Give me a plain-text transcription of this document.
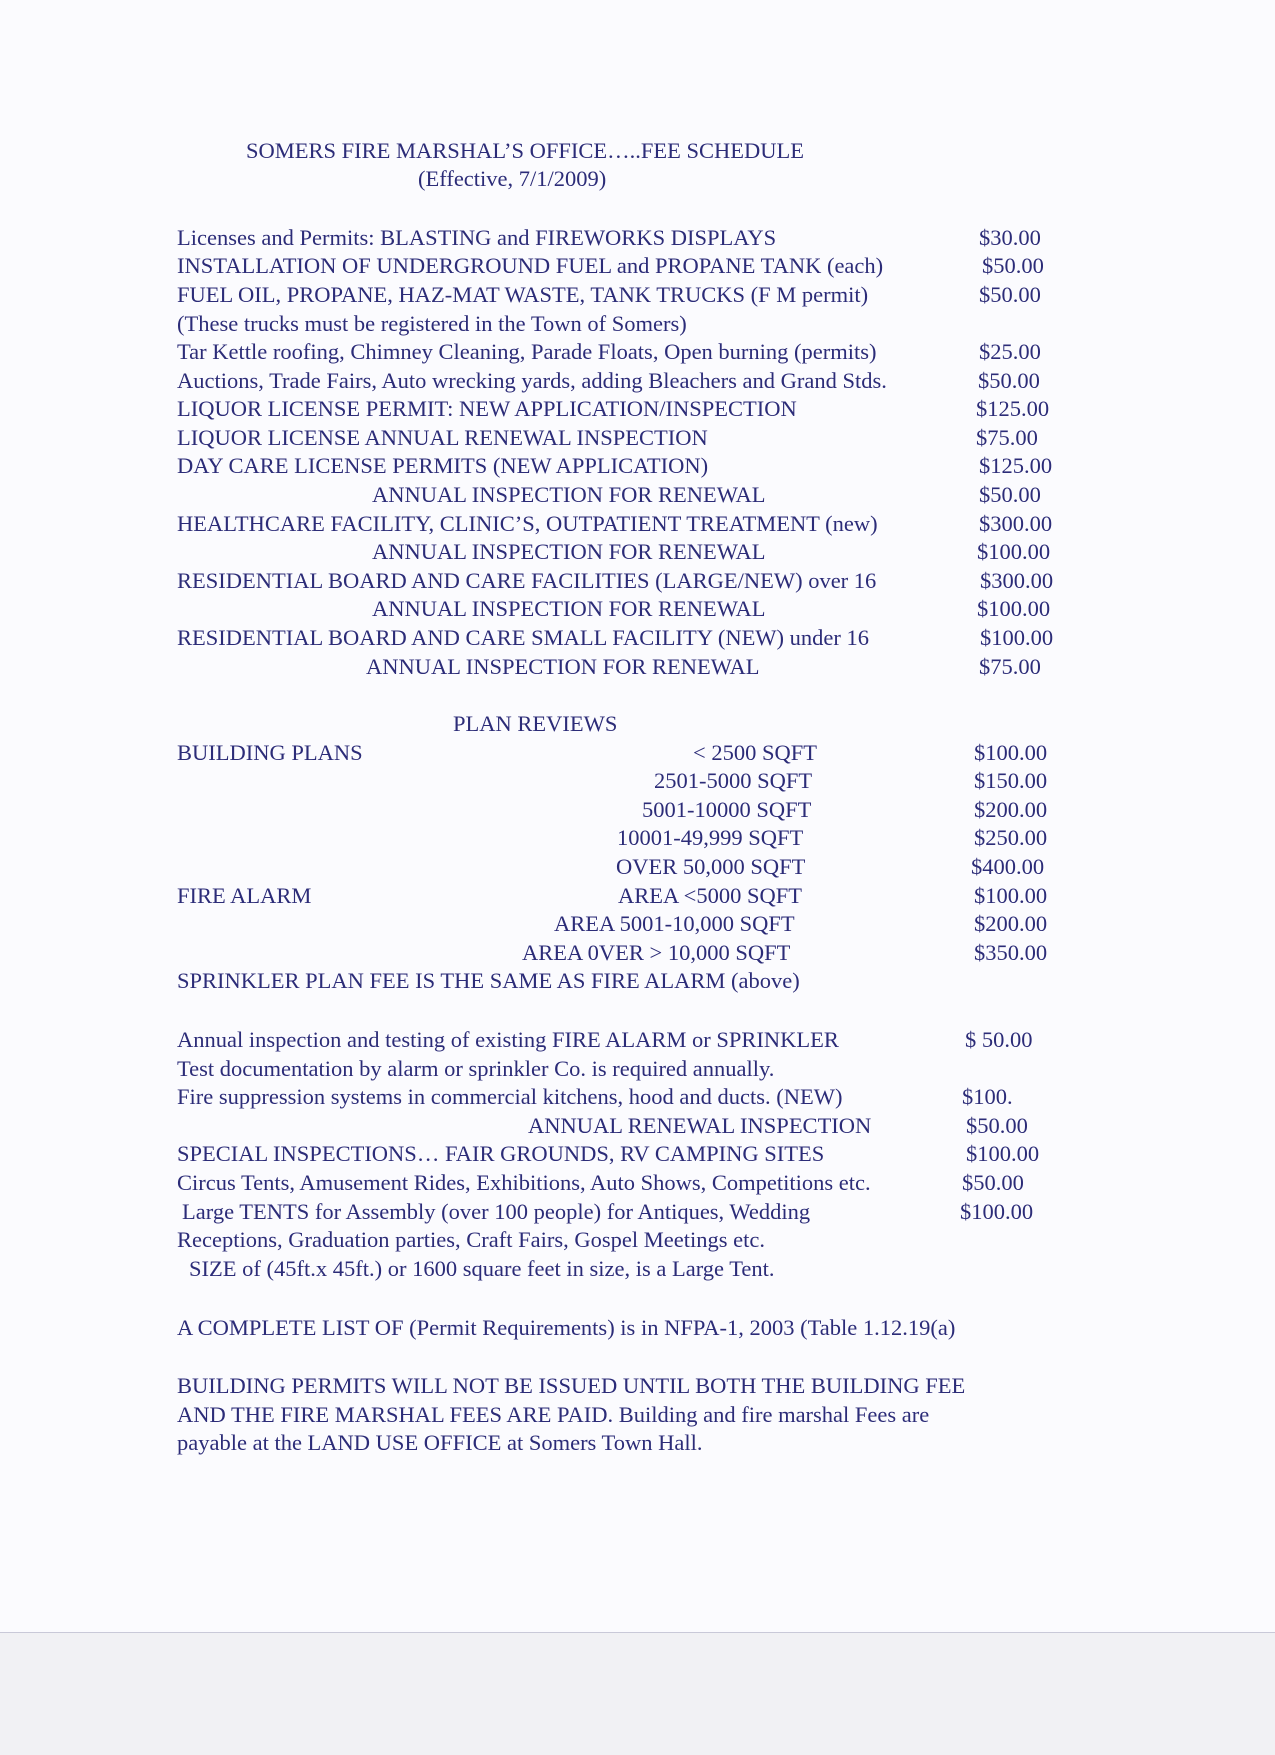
SOMERS FIRE MARSHAL’S OFFICE…..FEE SCHEDULE
(Effective, 7/1/2009)
Licenses and Permits: BLASTING and FIREWORKS DISPLAYS	$30.00
INSTALLATION OF UNDERGROUND FUEL and PROPANE TANK (each)	$50.00
FUEL OIL, PROPANE, HAZ-MAT WASTE, TANK TRUCKS (F M permit)	$50.00
(These trucks must be registered in the Town of Somers)
Tar Kettle roofing, Chimney Cleaning, Parade Floats, Open burning (permits)	$25.00
Auctions, Trade Fairs, Auto wrecking yards, adding Bleachers and Grand Stds.	$50.00
LIQUOR LICENSE PERMIT: NEW APPLICATION/INSPECTION	$125.00
LIQUOR LICENSE ANNUAL RENEWAL INSPECTION	$75.00
DAY CARE LICENSE PERMITS (NEW APPLICATION)	$125.00
ANNUAL INSPECTION FOR RENEWAL	$50.00
HEALTHCARE FACILITY, CLINIC’S, OUTPATIENT TREATMENT (new)	$300.00
ANNUAL INSPECTION FOR RENEWAL	$100.00
RESIDENTIAL BOARD AND CARE FACILITIES (LARGE/NEW) over 16	$300.00
ANNUAL INSPECTION FOR RENEWAL	$100.00
RESIDENTIAL BOARD AND CARE SMALL FACILITY (NEW) under 16	$100.00
ANNUAL INSPECTION FOR RENEWAL	$75.00
PLAN REVIEWS
BUILDING PLANS	< 2500 SQFT	$100.00
2501-5000 SQFT	$150.00
5001-10000 SQFT	$200.00
10001-49,999 SQFT	$250.00
OVER 50,000 SQFT	$400.00
FIRE ALARM	AREA <5000 SQFT	$100.00
AREA 5001-10,000 SQFT	$200.00
AREA 0VER > 10,000 SQFT	$350.00
SPRINKLER PLAN FEE IS THE SAME AS FIRE ALARM (above)
Annual inspection and testing of existing FIRE ALARM or SPRINKLER	$ 50.00
Test documentation by alarm or sprinkler Co. is required annually.
Fire suppression systems in commercial kitchens, hood and ducts. (NEW)	$100.
ANNUAL RENEWAL INSPECTION	$50.00
SPECIAL INSPECTIONS… FAIR GROUNDS, RV CAMPING SITES	$100.00
Circus Tents, Amusement Rides, Exhibitions, Auto Shows, Competitions etc.	$50.00
Large TENTS for Assembly (over 100 people) for Antiques, Wedding	$100.00
Receptions, Graduation parties, Craft Fairs, Gospel Meetings etc.
SIZE of (45ft.x 45ft.) or 1600 square feet in size, is a Large Tent.
A COMPLETE LIST OF (Permit Requirements) is in NFPA-1, 2003 (Table 1.12.19(a)
BUILDING PERMITS WILL NOT BE ISSUED UNTIL BOTH THE BUILDING FEE
AND THE FIRE MARSHAL FEES ARE PAID. Building and fire marshal Fees are
payable at the LAND USE OFFICE at Somers Town Hall.
